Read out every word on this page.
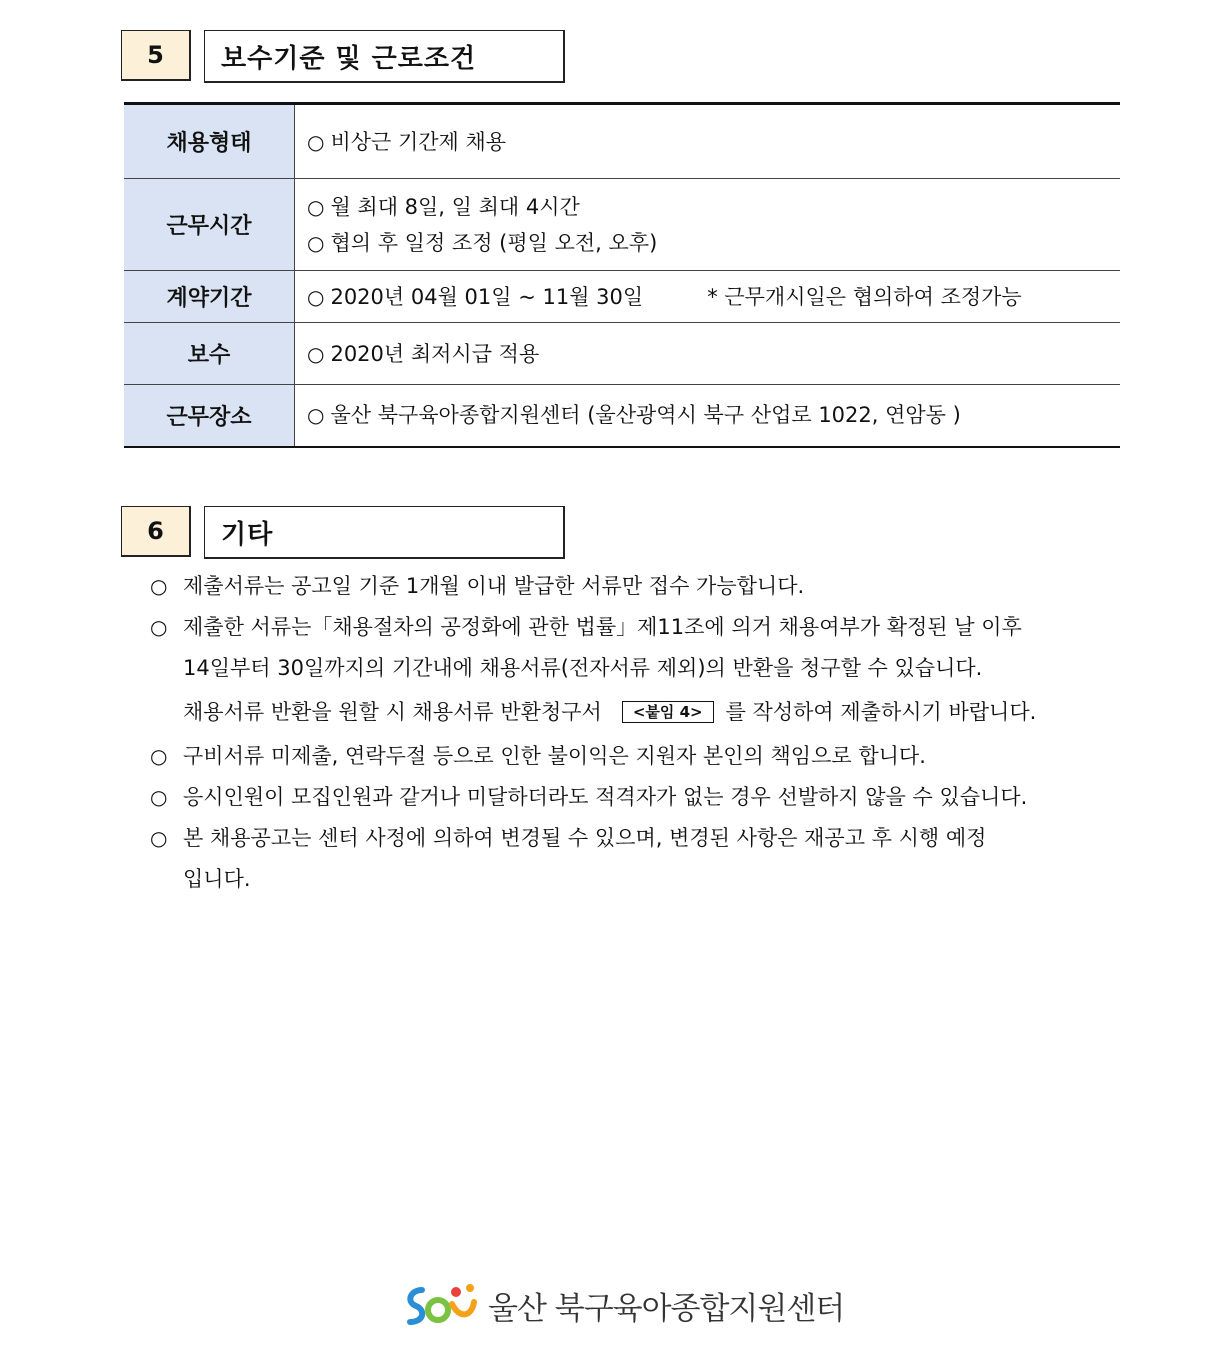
5	보수기준 및 근로조건
채용형태	○ 비상근 기간제 채용

근무시간	○ 월 최대 8일, 일 최대 4시간
○ 협의 후 일정 조정 (평일 오전, 오후)

계약기간	○ 2020년 04월 01일 ~ 11월 30일 * 근무개시일은 협의하여 조정가능

보수	○ 2020년 최저시급 적용

근무장소	○ 울산 북구육아종합지원센터 (울산광역시 북구 산업로 1022, 연암동 )
6	기타
○ 제출서류는 공고일 기준 1개월 이내 발급한 서류만 접수 가능합니다.
○ 제출한 서류는「채용절차의 공정화에 관한 법률」제11조에 의거 채용여부가 확정된 날 이후
14일부터 30일까지의 기간내에 채용서류(전자서류 제외)의 반환을 청구할 수 있습니다.
채용서류 반환을 원할 시 채용서류 반환청구서 <붙임 4> 를 작성하여 제출하시기 바랍니다.
○ 구비서류 미제출, 연락두절 등으로 인한 불이익은 지원자 본인의 책임으로 합니다.
○ 응시인원이 모집인원과 같거나 미달하더라도 적격자가 없는 경우 선발하지 않을 수 있습니다.
○ 본 채용공고는 센터 사정에 의하여 변경될 수 있으며, 변경된 사항은 재공고 후 시행 예정
입니다.
울산 북구육아종합지원센터
